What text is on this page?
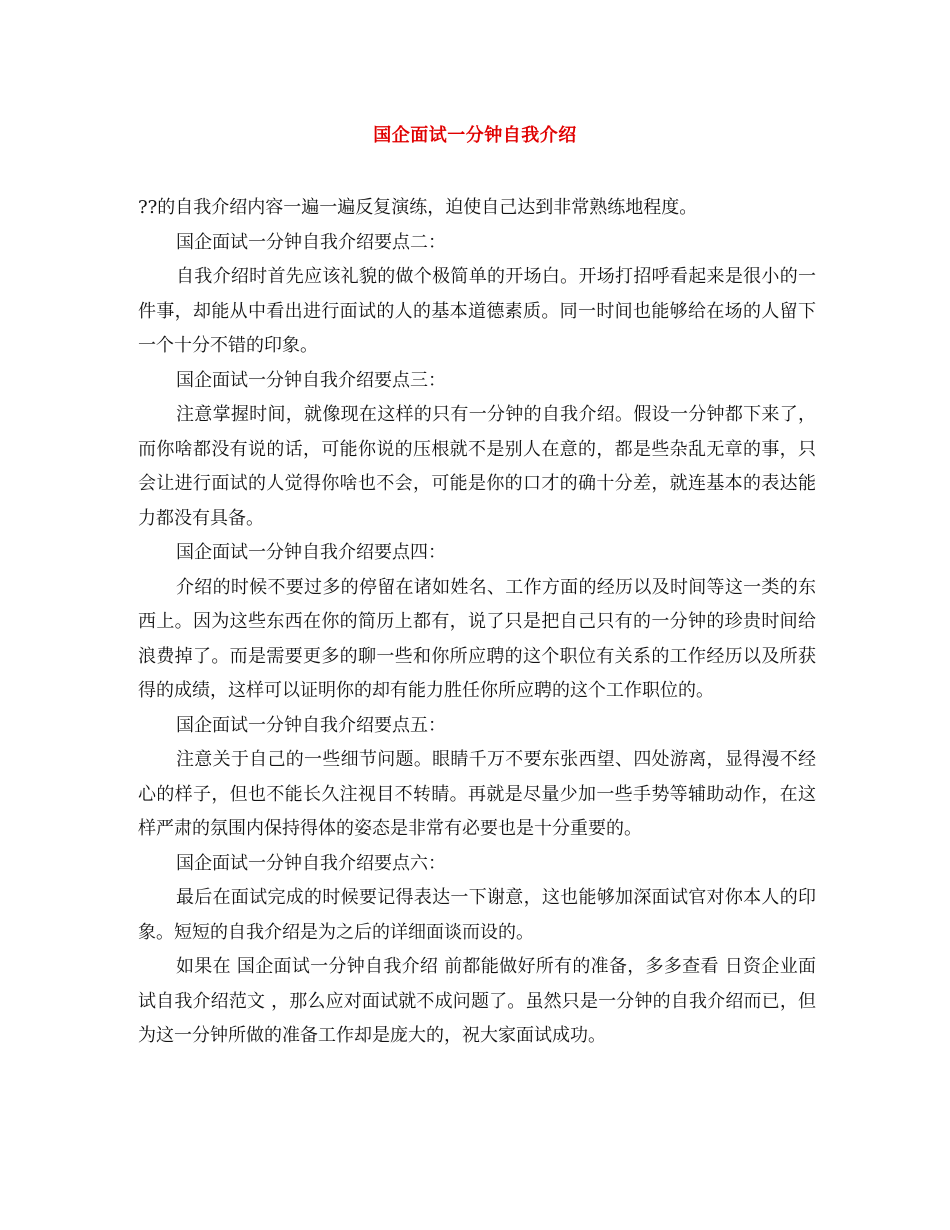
国企面试一分钟自我介绍

??的自我介绍内容一遍一遍反复演练，迫使自己达到非常熟练地程度。

国企面试一分钟自我介绍要点二：

自我介绍时首先应该礼貌的做个极简单的开场白。开场打招呼看起来是很小的一件事，却能从中看出进行面试的人的基本道德素质。同一时间也能够给在场的人留下一个十分不错的印象。

国企面试一分钟自我介绍要点三：

注意掌握时间，就像现在这样的只有一分钟的自我介绍。假设一分钟都下来了，而你啥都没有说的话，可能你说的压根就不是别人在意的，都是些杂乱无章的事，只会让进行面试的人觉得你啥也不会，可能是你的口才的确十分差，就连基本的表达能力都没有具备。

国企面试一分钟自我介绍要点四：

介绍的时候不要过多的停留在诸如姓名、工作方面的经历以及时间等这一类的东西上。因为这些东西在你的简历上都有，说了只是把自己只有的一分钟的珍贵时间给浪费掉了。而是需要更多的聊一些和你所应聘的这个职位有关系的工作经历以及所获得的成绩，这样可以证明你的却有能力胜任你所应聘的这个工作职位的。

国企面试一分钟自我介绍要点五：

注意关于自己的一些细节问题。眼睛千万不要东张西望、四处游离，显得漫不经心的样子，但也不能长久注视目不转睛。再就是尽量少加一些手势等辅助动作，在这样严肃的氛围内保持得体的姿态是非常有必要也是十分重要的。

国企面试一分钟自我介绍要点六：

最后在面试完成的时候要记得表达一下谢意，这也能够加深面试官对你本人的印象。短短的自我介绍是为之后的详细面谈而设的。

如果在 国企面试一分钟自我介绍 前都能做好所有的准备，多多查看 日资企业面试自我介绍范文 ，那么应对面试就不成问题了。虽然只是一分钟的自我介绍而已，但为这一分钟所做的准备工作却是庞大的，祝大家面试成功。
